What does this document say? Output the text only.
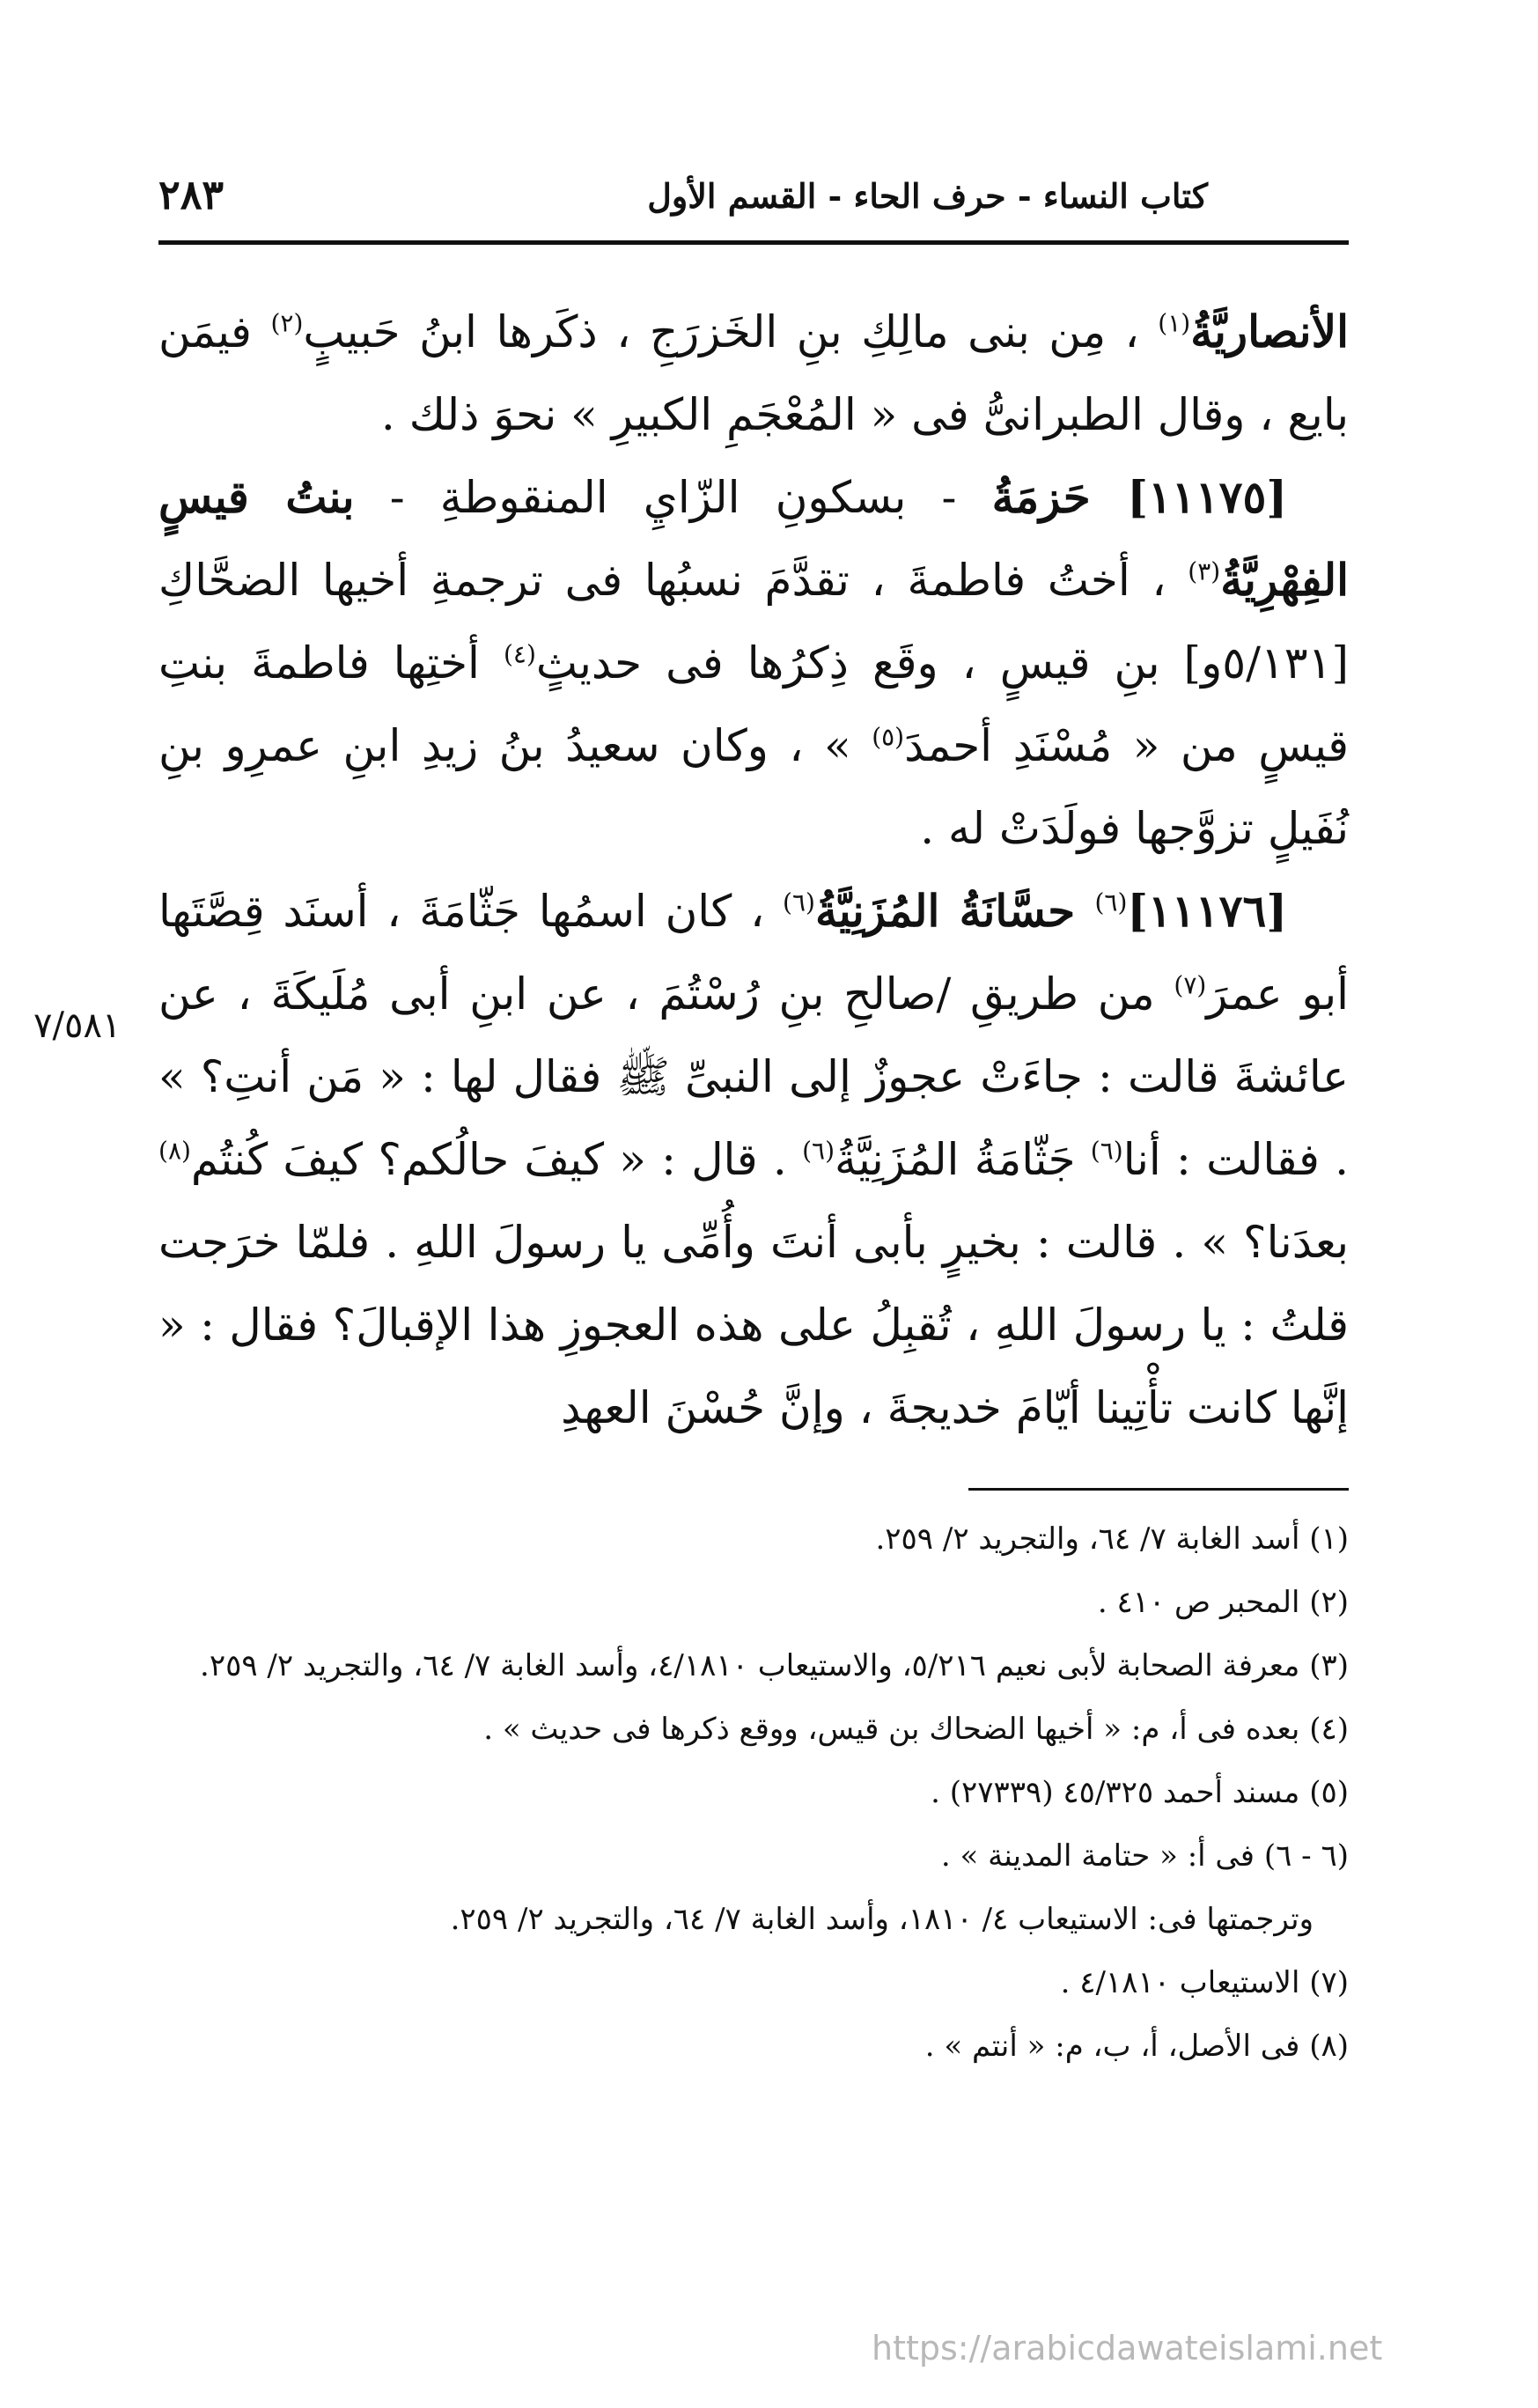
كتاب النساء - حرف الحاء - القسم الأول
٢٨٣

الأنصاريَّةُ$^{(١)}$ ، مِن بنى مالِكِ بنِ الخَزرَجِ ، ذكَرها ابنُ حَبيبٍ$^{(٢)}$ فيمَن بايع ، وقال الطبرانىُّ فى « المُعْجَمِ الكبيرِ » نحوَ ذلك .

[١١١٧٥] حَزمَةُ - بسكونِ الزّايِ المنقوطةِ - بنتُ قيسٍ الفِهْرِيَّةُ$^{(٣)}$ ، أختُ فاطمةَ ، تقدَّمَ نسبُها فى ترجمةِ أخيها الضحَّاكِ [٥/١٣١و] بنِ قيسٍ ، وقَع ذِكرُها فى حديثٍ$^{(٤)}$ أختِها فاطمةَ بنتِ قيسٍ من « مُسْنَدِ أحمدَ$^{(٥)}$ » ، وكان سعيدُ بنُ زيدِ ابنِ عمرِو بنِ نُفَيلٍ تزوَّجها فولَدَتْ له .

[١١١٧٦]$^{(٦)}$ حسَّانَةُ المُزَنِيَّةُ$^{(٦)}$ ، كان اسمُها جَثّامَةَ ، أسنَد قِصَّتَها أبو عمرَ$^{(٧)}$ من طريقِ /صالحِ بنِ رُسْتُمَ ، عن ابنِ أبى مُلَيكَةَ ، عن عائشةَ قالت : جاءَتْ عجوزٌ إلى النبىِّ ﷺ فقال لها : « مَن أنتِ؟ » . فقالت : أنا$^{(٦)}$ جَثّامَةُ المُزَنِيَّةُ$^{(٦)}$ . قال : « كيفَ حالُكم؟ كيفَ كُنتُم$^{(٨)}$ بعدَنا؟ » . قالت : بخيرٍ بأبى أنتَ وأُمِّى يا رسولَ اللهِ . فلمّا خرَجت قلتُ : يا رسولَ اللهِ ، تُقبِلُ على هذه العجوزِ هذا الإقبالَ؟ فقال : « إنَّها كانت تأْتِينا أيّامَ خديجةَ ، وإنَّ حُسْنَ العهدِ

٧/٥٨١

(١) أسد الغابة ٧/ ٦٤، والتجريد ٢/ ٢٥٩.

(٢) المحبر ص ٤١٠ .

(٣) معرفة الصحابة لأبى نعيم ٥/٢١٦، والاستيعاب ٤/١٨١٠، وأسد الغابة ٧/ ٦٤، والتجريد ٢/ ٢٥٩.

(٤) بعده فى أ، م: « أخيها الضحاك بن قيس، ووقع ذكرها فى حديث » .

(٥) مسند أحمد ٤٥/٣٢٥ (٢٧٣٣٩) .

(٦ - ٦) فى أ: « حتامة المدينة » .

وترجمتها فى: الاستيعاب ٤/ ١٨١٠، وأسد الغابة ٧/ ٦٤، والتجريد ٢/ ٢٥٩.

(٧) الاستيعاب ٤/١٨١٠ .

(٨) فى الأصل، أ، ب، م: « أنتم » .

https://arabicdawateislami.net
